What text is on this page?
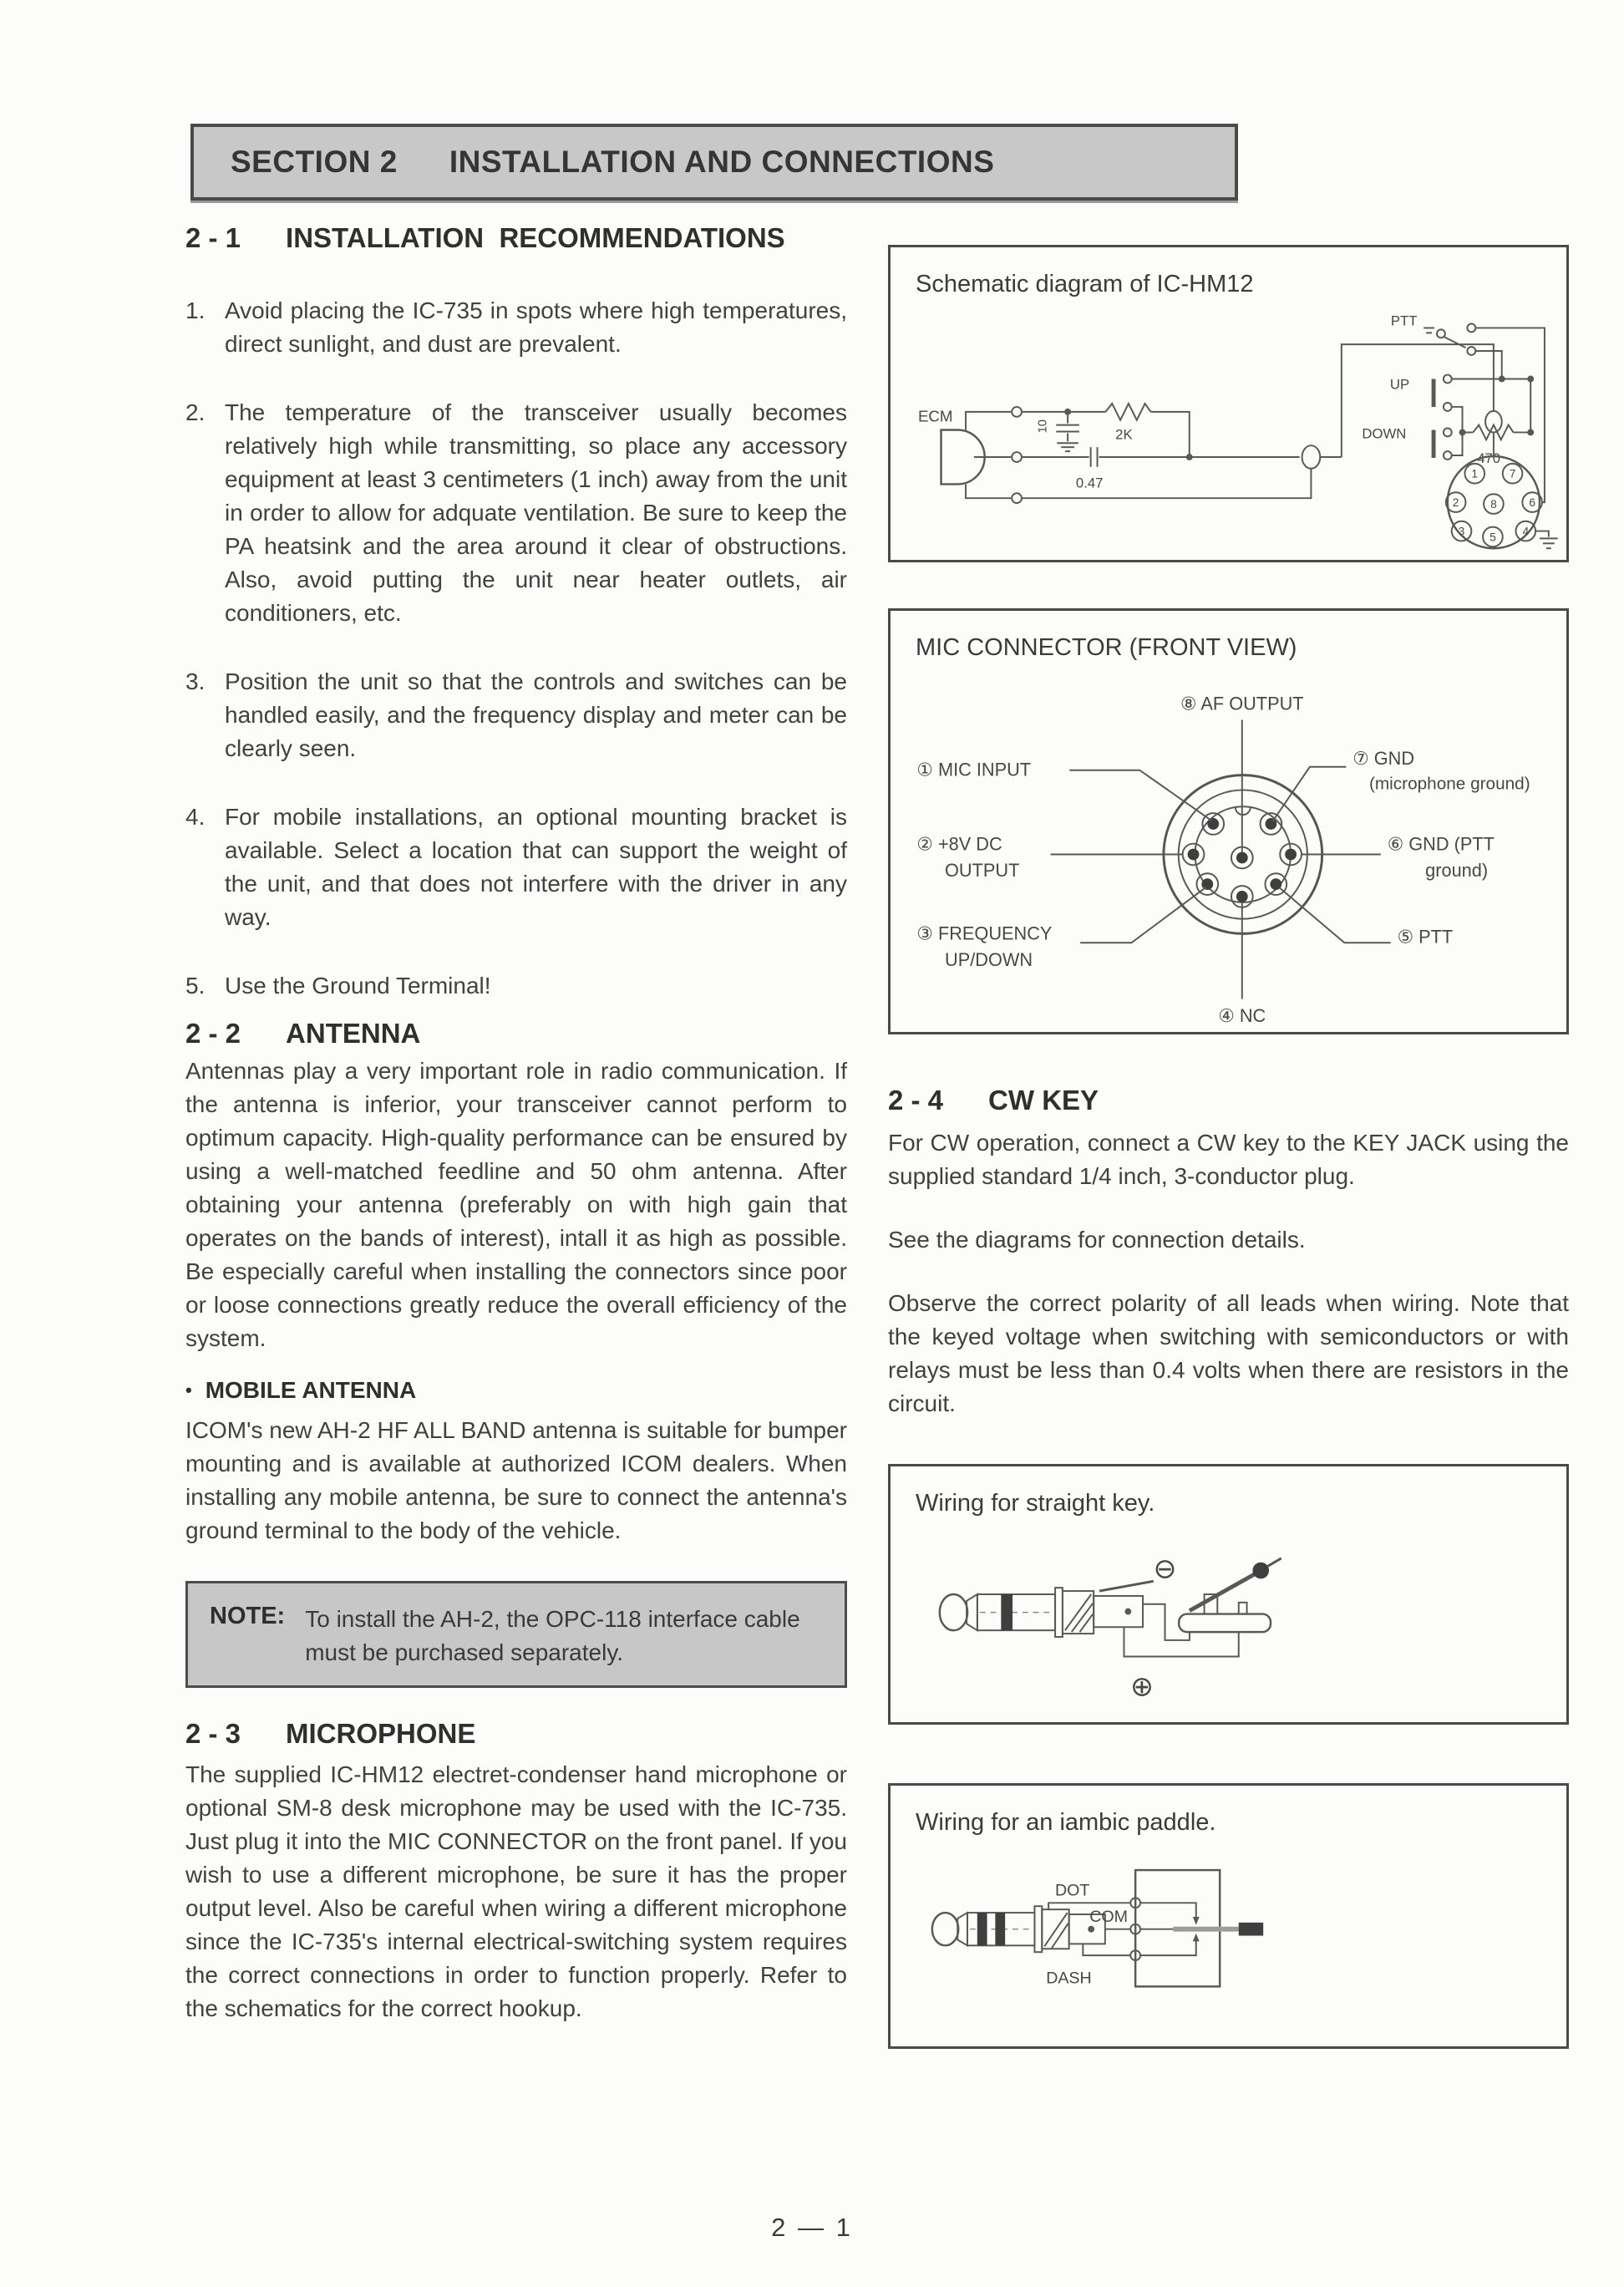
SECTION 2 INSTALLATION AND CONNECTIONS
2 - 1 INSTALLATION  RECOMMENDATIONS
1. Avoid placing the IC-735 in spots where high temperatures, direct sunlight, and dust are prevalent.
2. The temperature of the transceiver usually becomes relatively high while transmitting, so place any accessory equipment at least 3 centimeters (1 inch) away from the unit in order to allow for adquate ventilation. Be sure to keep the PA heatsink and the area around it clear of obstructions. Also, avoid putting the unit near heater outlets, air conditioners, etc.
3. Position the unit so that the controls and switches can be handled easily, and the frequency display and meter can be clearly seen.
4. For mobile installations, an optional mounting bracket is available. Select a location that can support the weight of the unit, and that does not interfere with the driver in any way.
5. Use the Ground Terminal!
2 - 2 ANTENNA
Antennas play a very important role in radio communication. If the antenna is inferior, your transceiver cannot perform to optimum capacity. High-quality performance can be ensured by using a well-matched feedline and 50 ohm antenna. After obtaining your antenna (preferably on with high gain that operates on the bands of interest), intall it as high as possible. Be especially careful when installing the connectors since poor or loose connections greatly reduce the overall efficiency of the system.
• MOBILE ANTENNA
ICOM's new AH-2 HF ALL BAND antenna is suitable for bumper mounting and is available at authorized ICOM dealers. When installing any mobile antenna, be sure to connect the antenna's ground terminal to the body of the vehicle.
NOTE: To install the AH-2, the OPC-118 interface cable must be purchased separately.
2 - 3 MICROPHONE
The supplied IC-HM12 electret-condenser hand microphone or optional SM-8 desk microphone may be used with the IC-735. Just plug it into the MIC CONNECTOR on the front panel. If you wish to use a different microphone, be sure it has the proper output level. Also be careful when wiring a different microphone since the IC-735's internal electrical-switching system requires the correct connections in order to function properly. Refer to the schematics for the correct hookup.
Schematic diagram of IC-HM12
ECM
2K
10
0.47
PTT
UP
DOWN
470
1	7
2	8	6
3	4
5
MIC CONNECTOR (FRONT VIEW)
⑧ AF OUTPUT
① MIC INPUT
⑦ GND
(microphone ground)
② +8V DC
OUTPUT
⑥ GND (PTT
ground)
③ FREQUENCY
UP/DOWN
⑤ PTT
④ NC
2 - 4 CW KEY
For CW operation, connect a CW key to the KEY JACK using the supplied standard 1/4 inch, 3-conductor plug.
See the diagrams for connection details.
Observe the correct polarity of all leads when wiring. Note that the keyed voltage when switching with semiconductors or with relays must be less than 0.4 volts when there are resistors in the circuit.
Wiring for straight key.
⊖
⊕
Wiring for an iambic paddle.
DOT
COM
DASH
2 — 1
